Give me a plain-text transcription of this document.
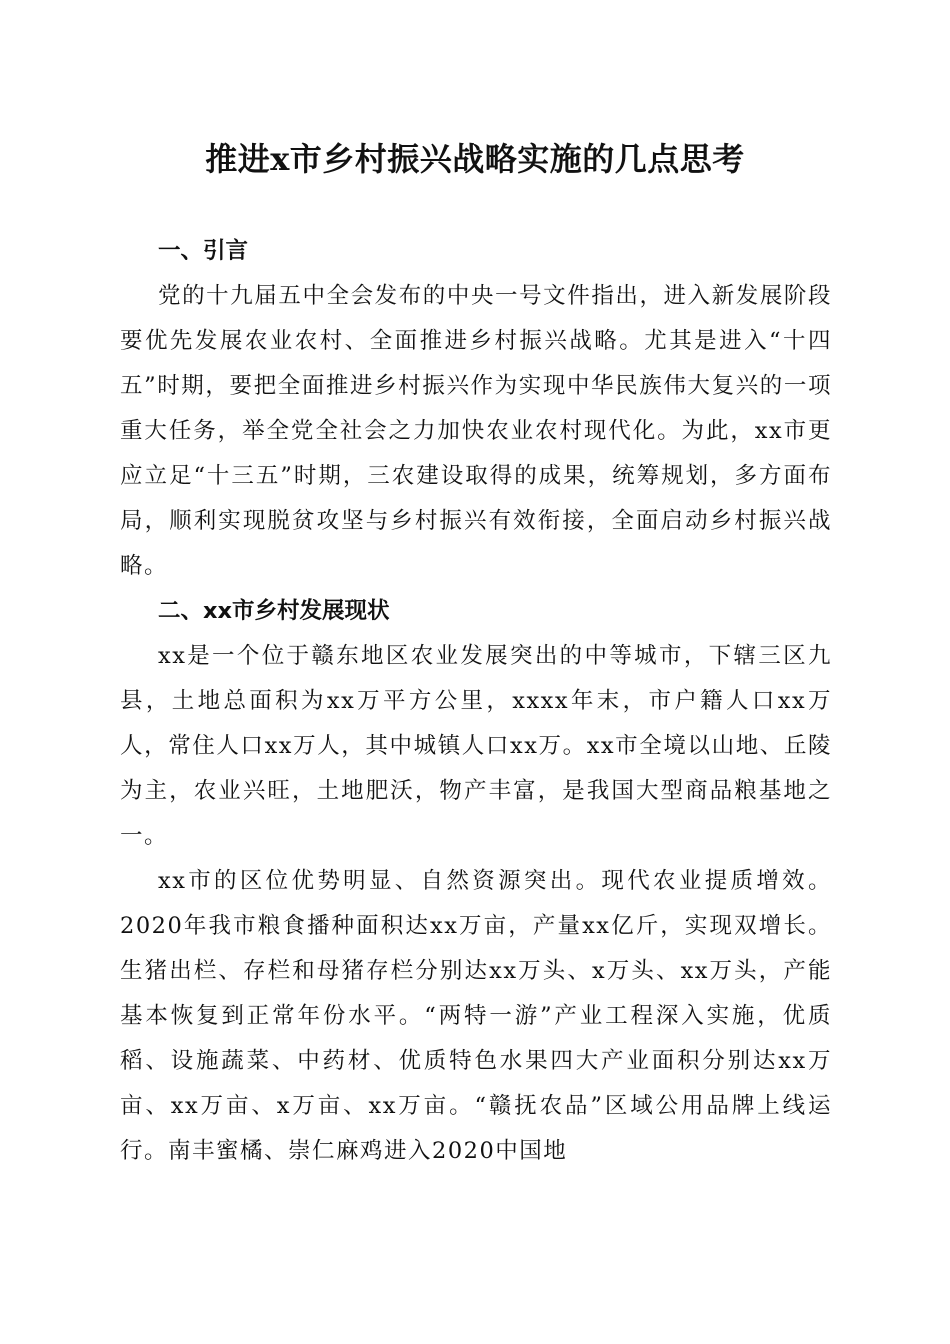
推进x市乡村振兴战略实施的几点思考
一、引言

党的十九届五中全会发布的中央一号文件指出，进入新发展阶段要优先发展农业农村、全面推进乡村振兴战略。尤其是进入“十四五”时期，要把全面推进乡村振兴作为实现中华民族伟大复兴的一项重大任务，举全党全社会之力加快农业农村现代化。为此，xx市更应立足“十三五”时期，三农建设取得的成果，统筹规划，多方面布局，顺利实现脱贫攻坚与乡村振兴有效衔接，全面启动乡村振兴战略。

二、xx市乡村发展现状

xx是一个位于赣东地区农业发展突出的中等城市，下辖三区九县，土地总面积为xx万平方公里，xxxx年末，市户籍人口xx万人，常住人口xx万人，其中城镇人口xx万。xx市全境以山地、丘陵为主，农业兴旺，土地肥沃，物产丰富，是我国大型商品粮基地之一。

xx市的区位优势明显、自然资源突出。现代农业提质增效。2020年我市粮食播种面积达xx万亩，产量xx亿斤，实现双增长。生猪出栏、存栏和母猪存栏分别达xx万头、x万头、xx万头，产能基本恢复到正常年份水平。“两特一游”产业工程深入实施，优质稻、设施蔬菜、中药材、优质特色水果四大产业面积分别达xx万亩、xx万亩、x万亩、xx万亩。“赣抚农品”区域公用品牌上线运行。南丰蜜橘、崇仁麻鸡进入2020中国地
